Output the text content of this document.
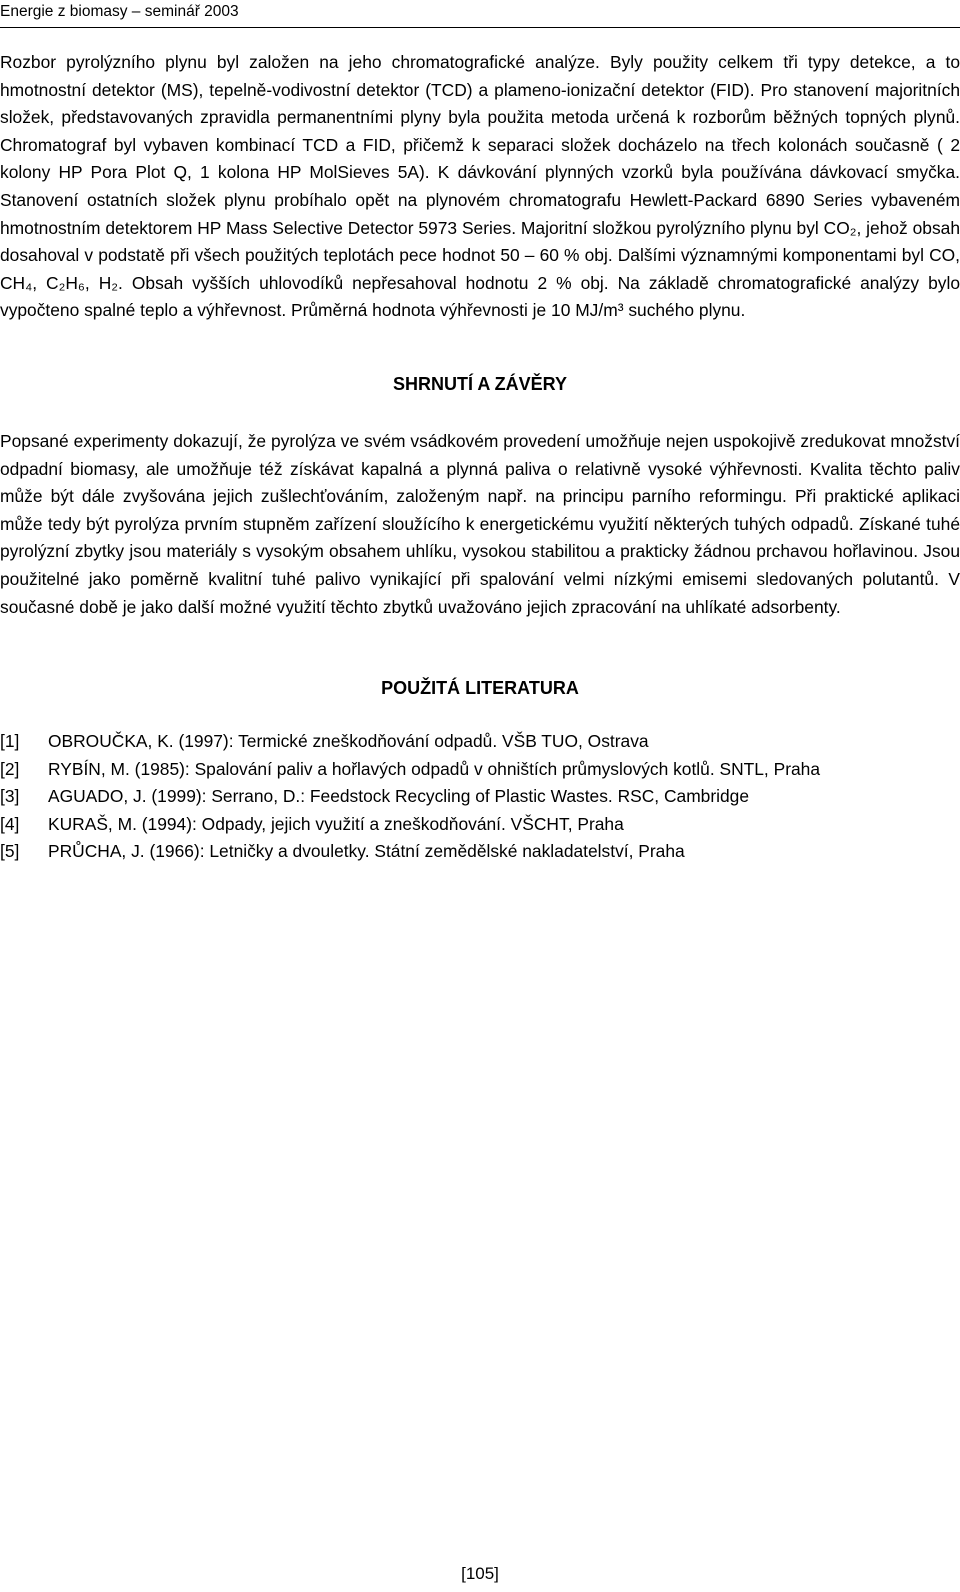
Energie z biomasy – seminář 2003

Rozbor pyrolýzního plynu byl založen na jeho chromatografické analýze. Byly použity celkem tři typy detekce, a to hmotnostní detektor (MS), tepelně-vodivostní detektor (TCD) a plameno-ionizační detektor (FID). Pro stanovení majoritních složek, představovaných zpravidla permanentními plyny byla použita metoda určená k rozborům běžných topných plynů. Chromatograf byl vybaven kombinací TCD a FID, přičemž k separaci složek docházelo na třech kolonách současně ( 2 kolony HP Pora Plot Q, 1 kolona HP MolSieves 5A). K dávkování plynných vzorků byla používána dávkovací smyčka. Stanovení ostatních složek plynu probíhalo opět na plynovém chromatografu Hewlett-Packard 6890 Series vybaveném hmotnostním detektorem HP Mass Selective Detector 5973 Series. Majoritní složkou pyrolýzního plynu byl CO₂, jehož obsah dosahoval v podstatě při všech použitých teplotách pece hodnot 50 – 60 % obj. Dalšími významnými komponentami byl CO, CH₄, C₂H₆, H₂. Obsah vyšších uhlovodíků nepřesahoval hodnotu 2 % obj. Na základě chromatografické analýzy bylo vypočteno spalné teplo a výhřevnost. Průměrná hodnota výhřevnosti je 10 MJ/m³ suchého plynu.

SHRNUTÍ A ZÁVĚRY

Popsané experimenty dokazují, že pyrolýza ve svém vsádkovém provedení umožňuje nejen uspokojivě zredukovat množství odpadní biomasy, ale umožňuje též získávat kapalná a plynná paliva o relativně vysoké výhřevnosti. Kvalita těchto paliv může být dále zvyšována jejich zušlechťováním, založeným např. na principu parního reformingu. Při praktické aplikaci může tedy být pyrolýza prvním stupněm zařízení sloužícího k energetickému využití některých tuhých odpadů. Získané tuhé pyrolýzní zbytky jsou materiály s vysokým obsahem uhlíku, vysokou stabilitou a prakticky žádnou prchavou hořlavinou. Jsou použitelné jako poměrně kvalitní tuhé palivo vynikající při spalování velmi nízkými emisemi sledovaných polutantů. V současné době je jako další možné využití těchto zbytků uvažováno jejich zpracování na uhlíkaté adsorbenty.

POUŽITÁ LITERATURA
[1]	OBROUČKA, K. (1997): Termické zneškodňování odpadů. VŠB TUO, Ostrava
[2]	RYBÍN, M. (1985): Spalování paliv a hořlavých odpadů v ohništích průmyslových kotlů. SNTL, Praha
[3]	AGUADO, J. (1999): Serrano, D.: Feedstock Recycling of Plastic Wastes. RSC, Cambridge
[4]	KURAŠ, M. (1994): Odpady, jejich využití a zneškodňování. VŠCHT, Praha
[5]	PRŮCHA, J. (1966): Letničky a dvouletky. Státní zemědělské nakladatelství, Praha
[105]
